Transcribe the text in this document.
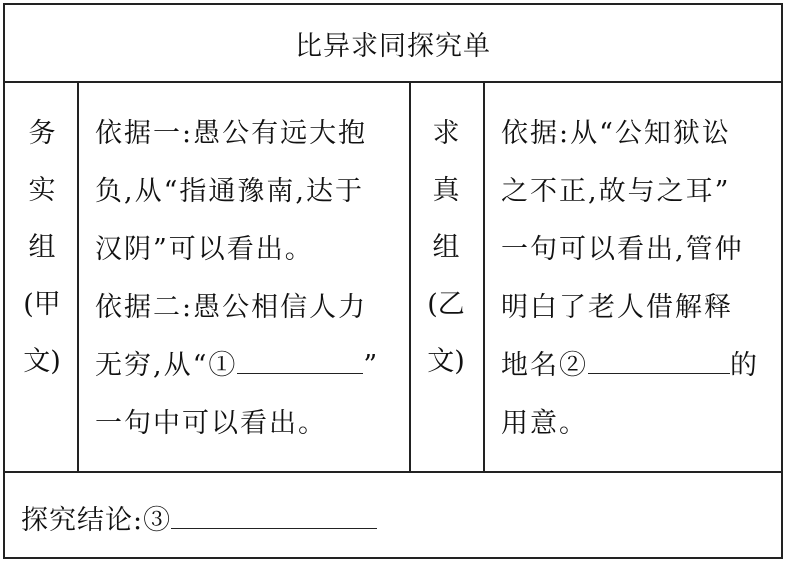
比异求同探究单
务
实
组
(甲
文)

依据一:愚公有远大抱

负,从“指通豫南,达于

汉阴”可以看出。

依据二:愚公相信人力

无穷,从“①	”

一句中可以看出。

求
真
组
(乙
文)

依据:从“公知狱讼

之不正,故与之耳”

一句可以看出,管仲

明白了老人借解释

地名②	的

用意。

探究结论:③
